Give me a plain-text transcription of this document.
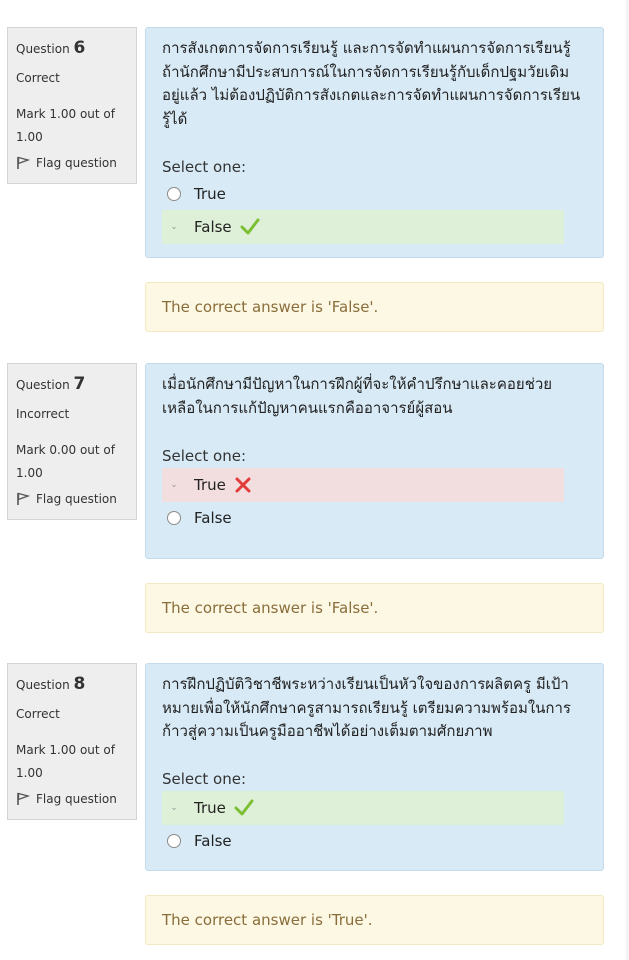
Question 6
Correct
Mark 1.00 out of 1.00
Flag question
การสังเกตการจัดการเรียนรู้ และการจัดทำแผนการจัดการเรียนรู้ ถ้านักศึกษามีประสบการณ์ในการจัดการเรียนรู้กับเด็กปฐมวัยเดิมอยู่แล้ว ไม่ต้องปฏิบัติการสังเกตและการจัดทำแผนการจัดการเรียนรู้ได้
Select one:
True
⌄ False
The correct answer is 'False'.
Question 7
Incorrect
Mark 0.00 out of 1.00
Flag question
เมื่อนักศึกษามีปัญหาในการฝึกผู้ที่จะให้คำปรึกษาและคอยช่วยเหลือในการแก้ปัญหาคนแรกคืออาจารย์ผู้สอน
Select one:
⌄ True
False
The correct answer is 'False'.
Question 8
Correct
Mark 1.00 out of 1.00
Flag question
การฝึกปฏิบัติวิชาชีพระหว่างเรียนเป็นหัวใจของการผลิตครู มีเป้าหมายเพื่อให้นักศึกษาครูสามารถเรียนรู้ เตรียมความพร้อมในการก้าวสู่ความเป็นครูมืออาชีพได้อย่างเต็มตามศักยภาพ
Select one:
⌄ True
False
The correct answer is 'True'.
